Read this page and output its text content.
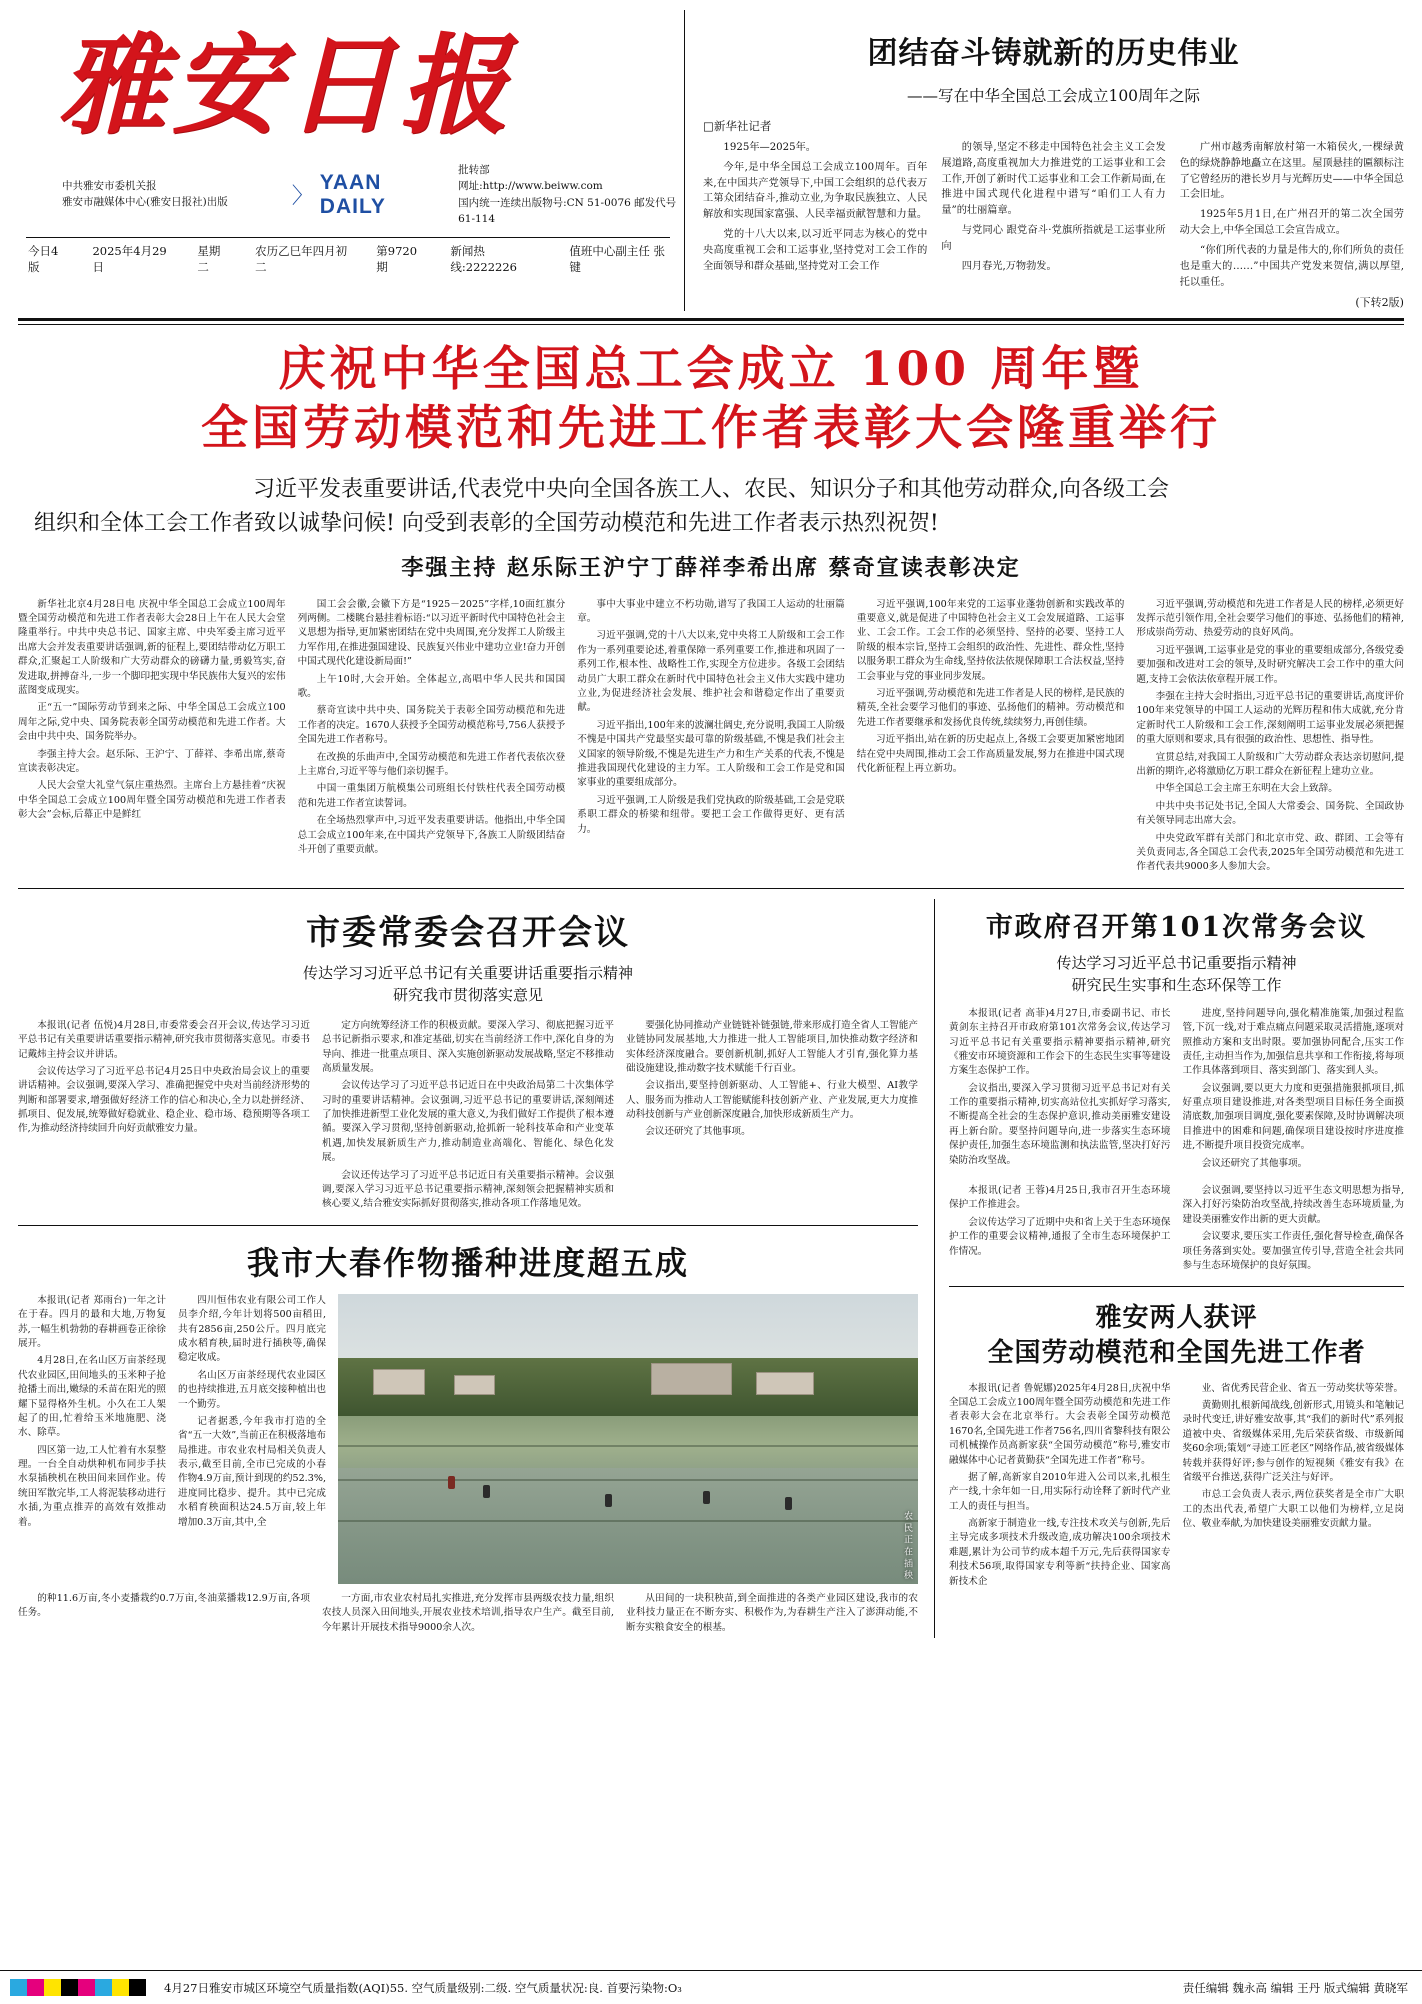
雅安日报
中共雅安市委机关报
雅安市融媒体中心(雅安日报社)出版	〉
YAAN DAILY
批转部
网址:http://www.beiww.com
国内统一连续出版物号:CN 51-0076 邮发代号 61-114
今日4版
2025年4月29日
星期二
农历乙巳年四月初二
第9720期
新闻热线:2222226
值班中心副主任 张键
团结奋斗铸就新的历史伟业
——写在中华全国总工会成立100周年之际
□新华社记者

1925年—2025年。

今年,是中华全国总工会成立100周年。百年来,在中国共产党领导下,中国工会组织的总代表万工第众团结奋斗,推动立业,为争取民族独立、人民解放和实现国家富强、人民幸福贡献智慧和力量。

党的十八大以来,以习近平同志为核心的党中央高度重视工会和工运事业,坚持党对工会工作的全面领导和群众基础,坚持党对工会工作

的领导,坚定不移走中国特色社会主义工会发展道路,高度重视加大力推进党的工运事业和工会工作,开创了新时代工运事业和工会工作新局面,在推进中国式现代化进程中谱写“咱们工人有力量”的壮丽篇章。

与党同心 跟党奋斗·党旗所指就是工运事业所向

四月春光,万物勃发。

广州市越秀南解放村第一木箱侯火,一棵绿黄色的绿烧静静地矗立在这里。屋顶悬挂的匾额标注了它曾经历的港长岁月与光辉历史——中华全国总工会旧址。

1925年5月1日,在广州召开的第二次全国劳动大会上,中华全国总工会宣告成立。

“你们所代表的力量是伟大的,你们所负的责任也是重大的……”中国共产党发来贺信,满以厚望,托以重任。

(下转2版)
庆祝中华全国总工会成立 100 周年暨
全国劳动模范和先进工作者表彰大会隆重举行
习近平发表重要讲话,代表党中央向全国各族工人、农民、知识分子和其他劳动群众,向各级工会
组织和全体工会工作者致以诚挚问候! 向受到表彰的全国劳动模范和先进工作者表示热烈祝贺!
李强主持 赵乐际王沪宁丁薛祥李希出席 蔡奇宣读表彰决定

新华社北京4月28日电 庆祝中华全国总工会成立100周年暨全国劳动模范和先进工作者表彰大会28日上午在人民大会堂隆重举行。中共中央总书记、国家主席、中央军委主席习近平出席大会并发表重要讲话强调,新的征程上,要团结带动亿万职工群众,汇聚起工人阶级和广大劳动群众的磅礴力量,勇毅笃实,奋发进取,拼搏奋斗,一步一个脚印把实现中华民族伟大复兴的宏伟蓝图变成现实。

正“五一”国际劳动节到来之际、中华全国总工会成立100周年之际,党中央、国务院表彰全国劳动模范和先进工作者。大会由中共中央、国务院举办。

李强主持大会。赵乐际、王沪宁、丁薛祥、李希出席,蔡奇宣读表彰决定。

人民大会堂大礼堂气氛庄重热烈。主席台上方悬挂着“庆祝中华全国总工会成立100周年暨全国劳动模范和先进工作者表彰大会”会标,后幕正中是鲜红

国工会会徽,会徽下方是“1925－2025”字样,10面红旗分列两侧。二楼眺台悬挂着标语:“以习近平新时代中国特色社会主义思想为指导,更加紧密团结在党中央周围,充分发挥工人阶级主力军作用,在推进强国建设、民族复兴伟业中建功立业!奋力开创中国式现代化建设新局面!”

上午10时,大会开始。全体起立,高唱中华人民共和国国歌。

蔡奇宣读中共中央、国务院关于表彰全国劳动模范和先进工作者的决定。1670人获授予全国劳动模范称号,756人获授予全国先进工作者称号。

在改换的乐曲声中,全国劳动模范和先进工作者代表依次登上主席台,习近平等与他们亲切握手。

中国一重集团万航模集公司班组长付铁柱代表全国劳动模范和先进工作者宣读誓词。

在全场热烈掌声中,习近平发表重要讲话。他指出,中华全国总工会成立100年来,在中国共产党领导下,各族工人阶级团结奋斗开创了重要贡献。

事中大事业中建立不朽功勋,谱写了我国工人运动的壮丽篇章。

习近平强调,党的十八大以来,党中央将工人阶级和工会工作作为一系列重要论述,着重保障一系列重要工作,推进和巩固了一系列工作,根本性、战略性工作,实现全方位进步。各级工会团结动员广大职工群众在新时代中国特色社会主义伟大实践中建功立业,为促进经济社会发展、维护社会和谐稳定作出了重要贡献。

习近平指出,100年来的波澜壮阔史,充分说明,我国工人阶级不愧是中国共产党最坚实最可靠的阶级基础,不愧是我们社会主义国家的领导阶级,不愧是先进生产力和生产关系的代表,不愧是推进我国现代化建设的主力军。工人阶级和工会工作是党和国家事业的重要组成部分。

习近平强调,工人阶级是我们党执政的阶级基础,工会是党联系职工群众的桥梁和纽带。要把工会工作做得更好、更有活力。

习近平强调,100年来党的工运事业蓬勃创新和实践改革的重要意义,就是促进了中国特色社会主义工会发展道路、工运事业、工会工作。工会工作的必须坚持、坚持的必要、坚持工人阶级的根本宗旨,坚持工会组织的政治性、先进性、群众性,坚持以服务职工群众为生命线,坚持依法依规保障职工合法权益,坚持工会事业与党的事业同步发展。

习近平强调,劳动模范和先进工作者是人民的榜样,是民族的精英,全社会要学习他们的事迹、弘扬他们的精神。劳动模范和先进工作者要继承和发扬优良传统,续续努力,再创佳绩。

习近平指出,站在新的历史起点上,各级工会要更加紧密地团结在党中央周围,推动工会工作高质量发展,努力在推进中国式现代化新征程上再立新功。

习近平强调,劳动模范和先进工作者是人民的榜样,必须更好发挥示范引领作用,全社会要学习他们的事迹、弘扬他们的精神,形成崇尚劳动、热爱劳动的良好风尚。

习近平强调,工运事业是党的事业的重要组成部分,各级党委要加强和改进对工会的领导,及时研究解决工会工作中的重大问题,支持工会依法依章程开展工作。

李强在主持大会时指出,习近平总书记的重要讲话,高度评价100年来党领导的中国工人运动的光辉历程和伟大成就,充分肯定新时代工人阶级和工会工作,深刻阐明工运事业发展必须把握的重大原则和要求,具有很强的政治性、思想性、指导性。

宣贯总结,对我国工人阶级和广大劳动群众表达亲切慰问,提出新的期许,必将激励亿万职工群众在新征程上建功立业。

中华全国总工会主席王东明在大会上致辞。

中共中央书记处书记,全国人大常委会、国务院、全国政协有关领导同志出席大会。

中央党政军群有关部门和北京市党、政、群团、工会等有关负责同志,各全国总工会代表,2025年全国劳动模范和先进工作者代表共9000多人参加大会。

市委常委会召开会议
传达学习习近平总书记有关重要讲话重要指示精神
研究我市贯彻落实意见

本报讯(记者 伍悦)4月28日,市委常委会召开会议,传达学习习近平总书记有关重要讲话重要指示精神,研究我市贯彻落实意见。市委书记戴炜主持会议并讲话。

会议传达学习了习近平总书记4月25日中央政治局会议上的重要讲话精神。会议强调,要深入学习、准确把握党中央对当前经济形势的判断和部署要求,增强做好经济工作的信心和决心,全力以赴拼经济、抓项目、促发展,统筹做好稳就业、稳企业、稳市场、稳预期等各项工作,为推动经济持续回升向好贡献雅安力量。

定方向统筹经济工作的积极贡献。要深入学习、彻底把握习近平总书记新指示要求,和准定基础,切实在当前经济工作中,深化自身的为导向、推进一批重点项目、深入实施创新驱动发展战略,坚定不移推动高质量发展。

会议传达学习了习近平总书记近日在中央政治局第二十次集体学习时的重要讲话精神。会议强调,习近平总书记的重要讲话,深刻阐述了加快推进新型工业化发展的重大意义,为我们做好工作提供了根本遵循。要深入学习贯彻,坚持创新驱动,抢抓新一轮科技革命和产业变革机遇,加快发展新质生产力,推动制造业高端化、智能化、绿色化发展。

会议还传达学习了习近平总书记近日有关重要指示精神。会议强调,要深入学习习近平总书记重要指示精神,深刻领会把握精神实质和核心要义,结合雅安实际抓好贯彻落实,推动各项工作落地见效。

要强化协同推动产业链链补链强链,带来形成打造全省人工智能产业链协同发展基地,大力推进一批人工智能项目,加快推动数字经济和实体经济深度融合。要创新机制,抓好人工智能人才引育,强化算力基础设施建设,推动数字技术赋能千行百业。

会议指出,要坚持创新驱动、人工智能+、行业大模型、AI教学人、服务而为推动人工智能赋能科技创新产业、产业发展,更大力度推动科技创新与产业创新深度融合,加快形成新质生产力。

会议还研究了其他事项。

我市大春作物播种进度超五成

本报讯(记者 郑雨台)一年之计在于春。四月的最和大地,万物复苏,一幅生机勃勃的春耕画卷正徐徐展开。

4月28日,在名山区万亩茶经现代农业园区,田间地头的玉米种子抢抢播土而出,嫩绿的禾苗在阳光的照耀下显得格外生机。小久在工人架起了的田,忙着给玉米地施肥、浇水、除草。

四区第一边,工人忙着有水泵整理。一台全自动烘种机布同步手扶水泵插秧机在秧田间来回作业。传统田军散完毕,工人将泥装移动进行水插,为重点推弄的高效有效推动着。

四川恒伟农业有限公司工作人员李介绍,今年计划将500亩稻田,共有2856亩,250公斤。四月底完成水稻育秧,届时进行插秧等,确保稳定收成。

名山区万亩茶经现代农业园区的也持续推进,五月底交接种植出也一个勤劳。

记者据悉,今年我市打造的全省“五一大效”,当前正在积极落地布局推进。市农业农村局相关负责人表示,截至目前,全市已完成的小春作物4.9万亩,预计到现的约52.3%,进度同比稳步、提升。其中已完成水稻育秧面积达24.5万亩,较上年增加0.3万亩,其中,全	农 民 正 在 插 秧

的种11.6万亩,冬小麦播栽约0.7万亩,冬油菜播栽12.9万亩,各项任务。

一方面,市农业农村局扎实推进,充分发挥市县两级农技力量,组织农技人员深入田间地头,开展农业技术培训,指导农户生产。截至目前,今年累计开展技术指导9000余人次。

从田间的一块积秧苗,到全面推进的各类产业园区建设,我市的农业科技力量正在不断夯实、积极作为,为春耕生产注入了澎湃动能,不断夯实粮食安全的根基。

市政府召开第101次常务会议
传达学习习近平总书记重要指示精神
研究民生实事和生态环保等工作

本报讯(记者 高菲)4月27日,市委副书记、市长黄剑东主持召开市政府第101次常务会议,传达学习习近平总书记有关重要指示精神要指示精神,研究《雅安市环境资源和工作会下的生态民生实事等建设方案生态保护工作。

会议指出,要深入学习贯彻习近平总书记对有关工作的重要指示精神,切实高站位扎实抓好学习落实,不断提高全社会的生态保护意识,推动美丽雅安建设再上新台阶。要坚持问题导向,进一步落实生态环境保护责任,加强生态环境监测和执法监管,坚决打好污染防治攻坚战。

进度,坚持问题导向,强化精准施策,加强过程监管,下沉一线,对于难点痛点问题采取灵活措施,逐项对照推动方案和支出时限。要加强协同配合,压实工作责任,主动担当作为,加强信息共享和工作衔接,将每项工作具体落到项目、落实到部门、落实到人头。

会议强调,要以更大力度和更强措施狠抓项目,抓好重点项目建设推进,对各类型项目目标任务全面摸清底数,加强项目调度,强化要素保障,及时协调解决项目推进中的困难和问题,确保项目建设按时序进度推进,不断提升项目投资完成率。

会议还研究了其他事项。

本报讯(记者 王蓉)4月25日,我市召开生态环境保护工作推进会。

会议传达学习了近期中央和省上关于生态环境保护工作的重要会议精神,通报了全市生态环境保护工作情况。

会议强调,要坚持以习近平生态文明思想为指导,深入打好污染防治攻坚战,持续改善生态环境质量,为建设美丽雅安作出新的更大贡献。

会议要求,要压实工作责任,强化督导检查,确保各项任务落到实处。要加强宣传引导,营造全社会共同参与生态环境保护的良好氛围。

雅安两人获评
全国劳动模范和全国先进工作者

本报讯(记者 鲁妮娜)2025年4月28日,庆祝中华全国总工会成立100周年暨全国劳动模范和先进工作者表彰大会在北京举行。大会表彰全国劳动模范1670名,全国先进工作者756名,四川省黎科技有限公司机械操作员高新家获“全国劳动模范”称号,雅安市融媒体中心记者黄勤获“全国先进工作者”称号。

据了解,高新家自2010年进入公司以来,扎根生产一线,十余年如一日,用实际行动诠释了新时代产业工人的责任与担当。

高新家于制造业一线,专注技术攻关与创新,先后主导完成多项技术升级改造,成功解决100余项技术难题,累计为公司节约成本超千万元,先后获得国家专利技术56项,取得国家专利等新“扶持企业、国家高新技术企

业、省优秀民营企业、省五一劳动奖状等荣誉。

黄勤则扎根新闻战线,创新形式,用镜头和笔触记录时代变迁,讲好雅安故事,其“我们的新时代”系列报道被中央、省级媒体采用,先后荣获省级、市级新闻奖60余项;策划“寻迹工匠老区”网络作品,被省级媒体转载并获得好评;参与创作的短视频《雅安有我》在省级平台推送,获得广泛关注与好评。

市总工会负责人表示,两位获奖者是全市广大职工的杰出代表,希望广大职工以他们为榜样,立足岗位、敬业奉献,为加快建设美丽雅安贡献力量。

4月27日雅安市城区环境空气质量指数(AQI)55. 空气质量级别:二级. 空气质量状况:良. 首要污染物:O₃	责任编辑 魏永高 编辑 王丹 版式编辑 黄晓军
